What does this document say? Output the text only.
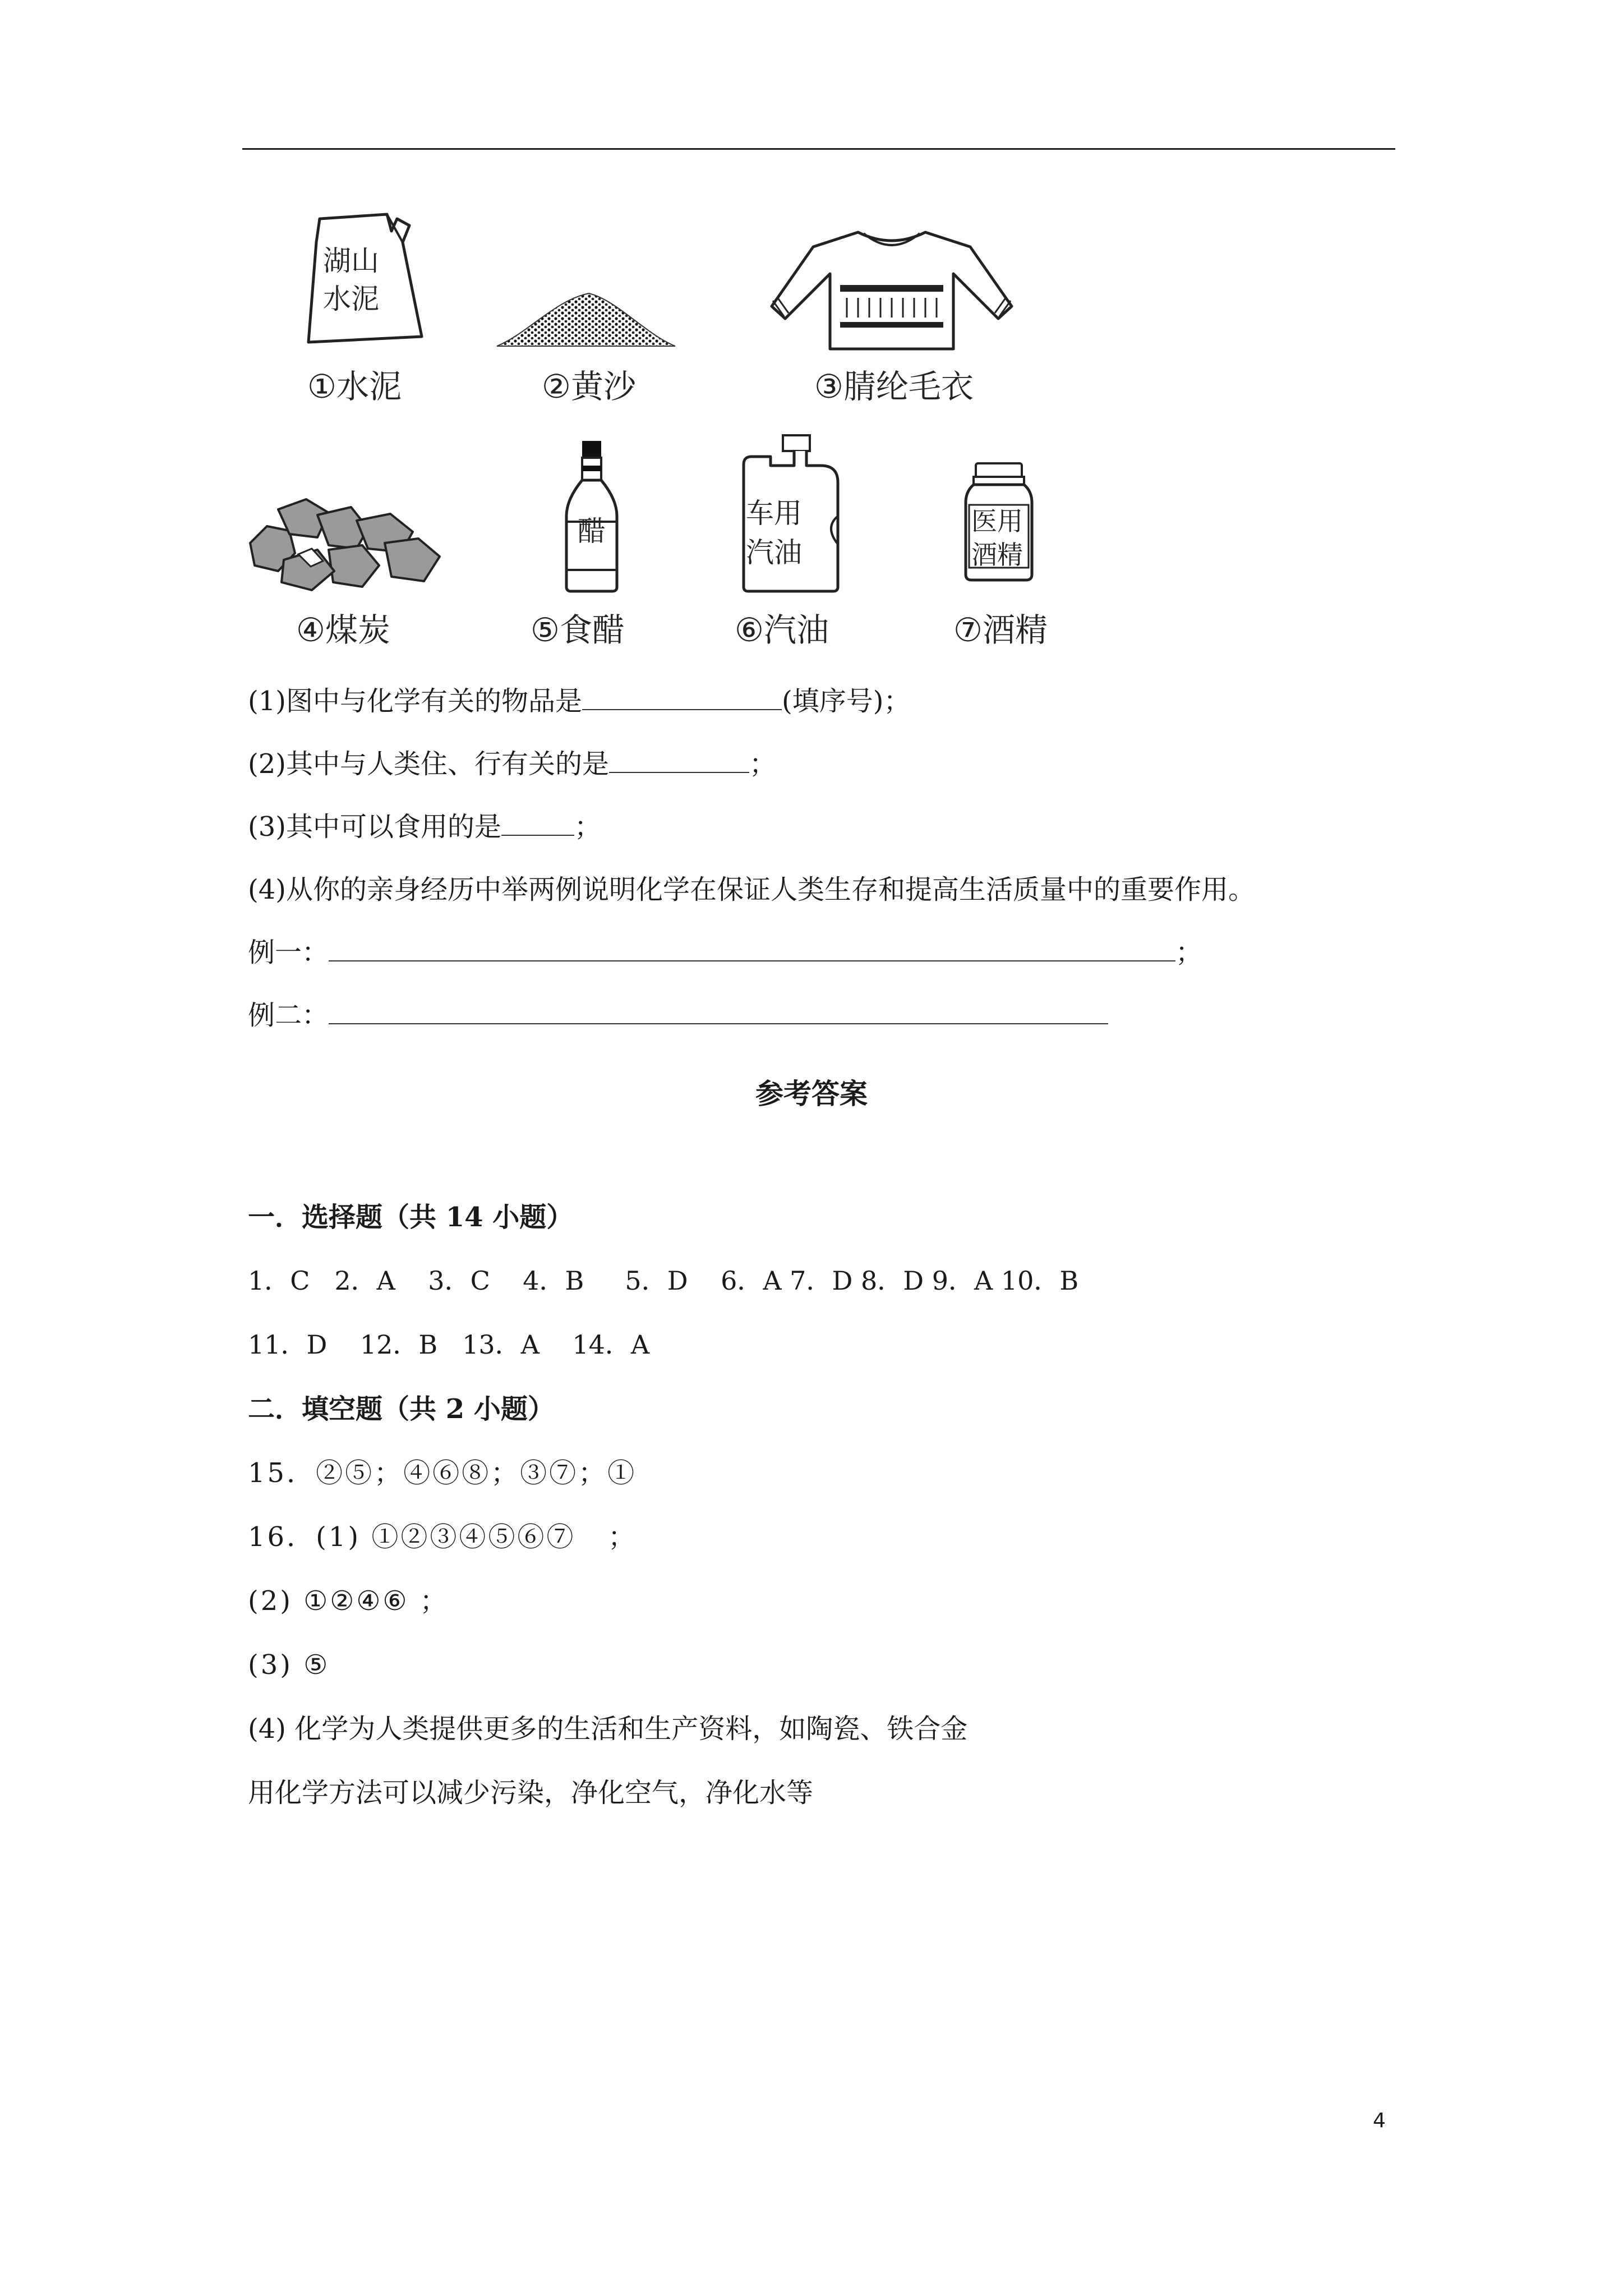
湖山
水泥
①水泥	②黄沙	③腈纶毛衣
④煤炭
醋
⑤食醋
车用
汽油
⑥汽油
医用
酒精
⑦酒精
(1)图中与化学有关的物品是	(填序号)；
(2)其中与人类住、行有关的是	；
(3)其中可以食用的是	；
(4)从你的亲身经历中举两例说明化学在保证人类生存和提高生活质量中的重要作用。
例一：	；
例二：
参考答案
一．选择题（共 14 小题）
1．C   2．A    3．C    4．B     5．D    6．A 7．D 8．D 9．A 10．B
11．D    12．B   13．A    14．A
二．填空题（共 2 小题）
15．②⑤；④⑥⑧；③⑦；①
16．(1) ①②③④⑤⑥⑦   ；
(2) ①②④⑥ ；
(3) ⑤
(4) 化学为人类提供更多的生活和生产资料，如陶瓷、铁合金
用化学方法可以减少污染，净化空气，净化水等
4
